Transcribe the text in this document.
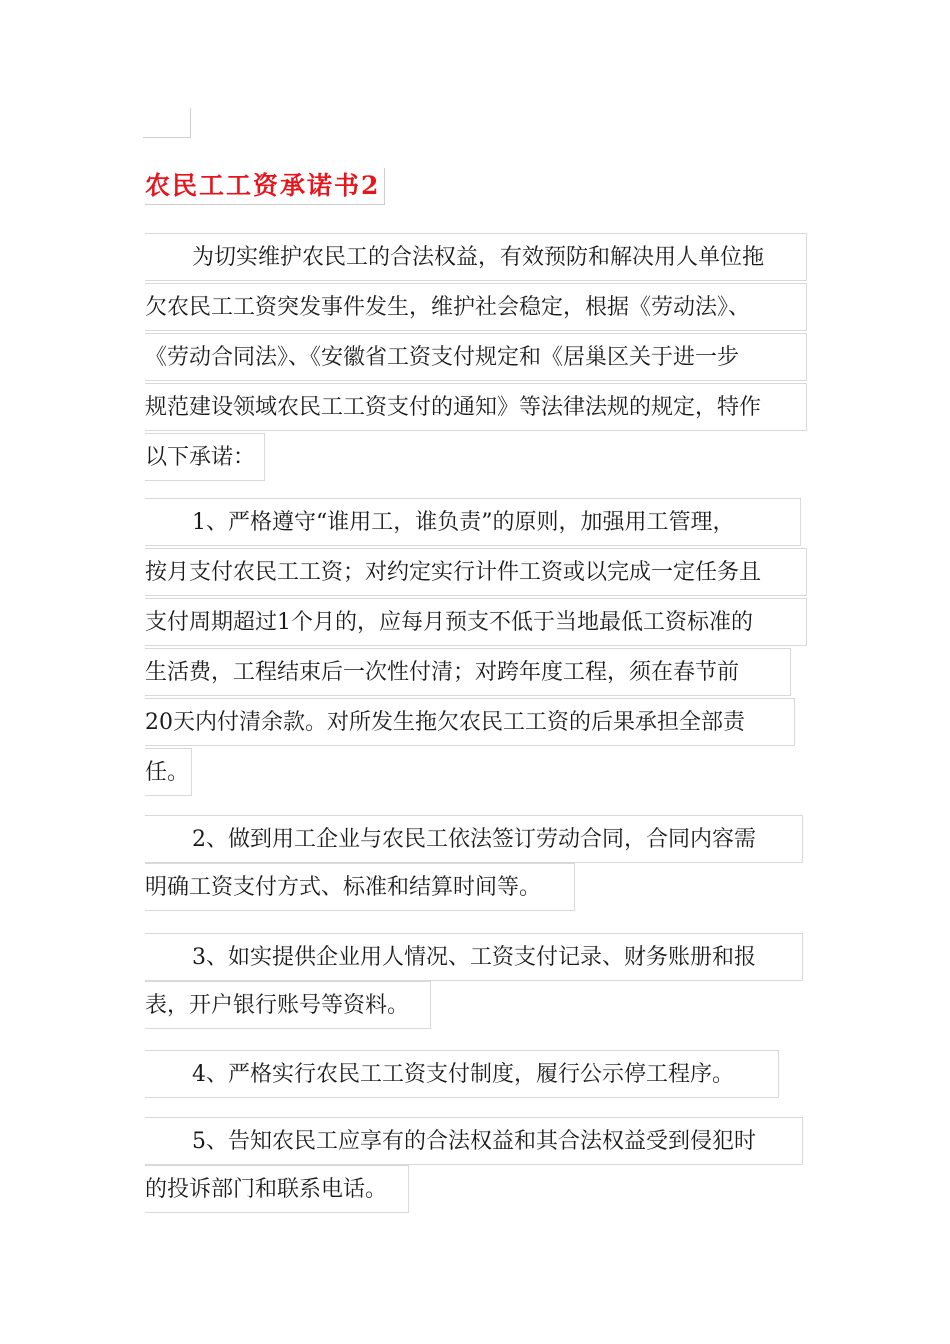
农民工工资承诺书2
为切实维护农民工的合法权益，有效预防和解决用人单位拖
欠农民工工资突发事件发生，维护社会稳定，根据《劳动法》、
《劳动合同法》、《安徽省工资支付规定和《居巢区关于进一步
规范建设领域农民工工资支付的通知》等法律法规的规定，特作
以下承诺：
1、严格遵守“谁用工，谁负责”的原则，加强用工管理，
按月支付农民工工资；对约定实行计件工资或以完成一定任务且
支付周期超过1个月的，应每月预支不低于当地最低工资标准的
生活费，工程结束后一次性付清；对跨年度工程，须在春节前
20天内付清余款。对所发生拖欠农民工工资的后果承担全部责
任。
2、做到用工企业与农民工依法签订劳动合同，合同内容需
明确工资支付方式、标准和结算时间等。
3、如实提供企业用人情况、工资支付记录、财务账册和报
表，开户银行账号等资料。
4、严格实行农民工工资支付制度，履行公示停工程序。
5、告知农民工应享有的合法权益和其合法权益受到侵犯时
的投诉部门和联系电话。
